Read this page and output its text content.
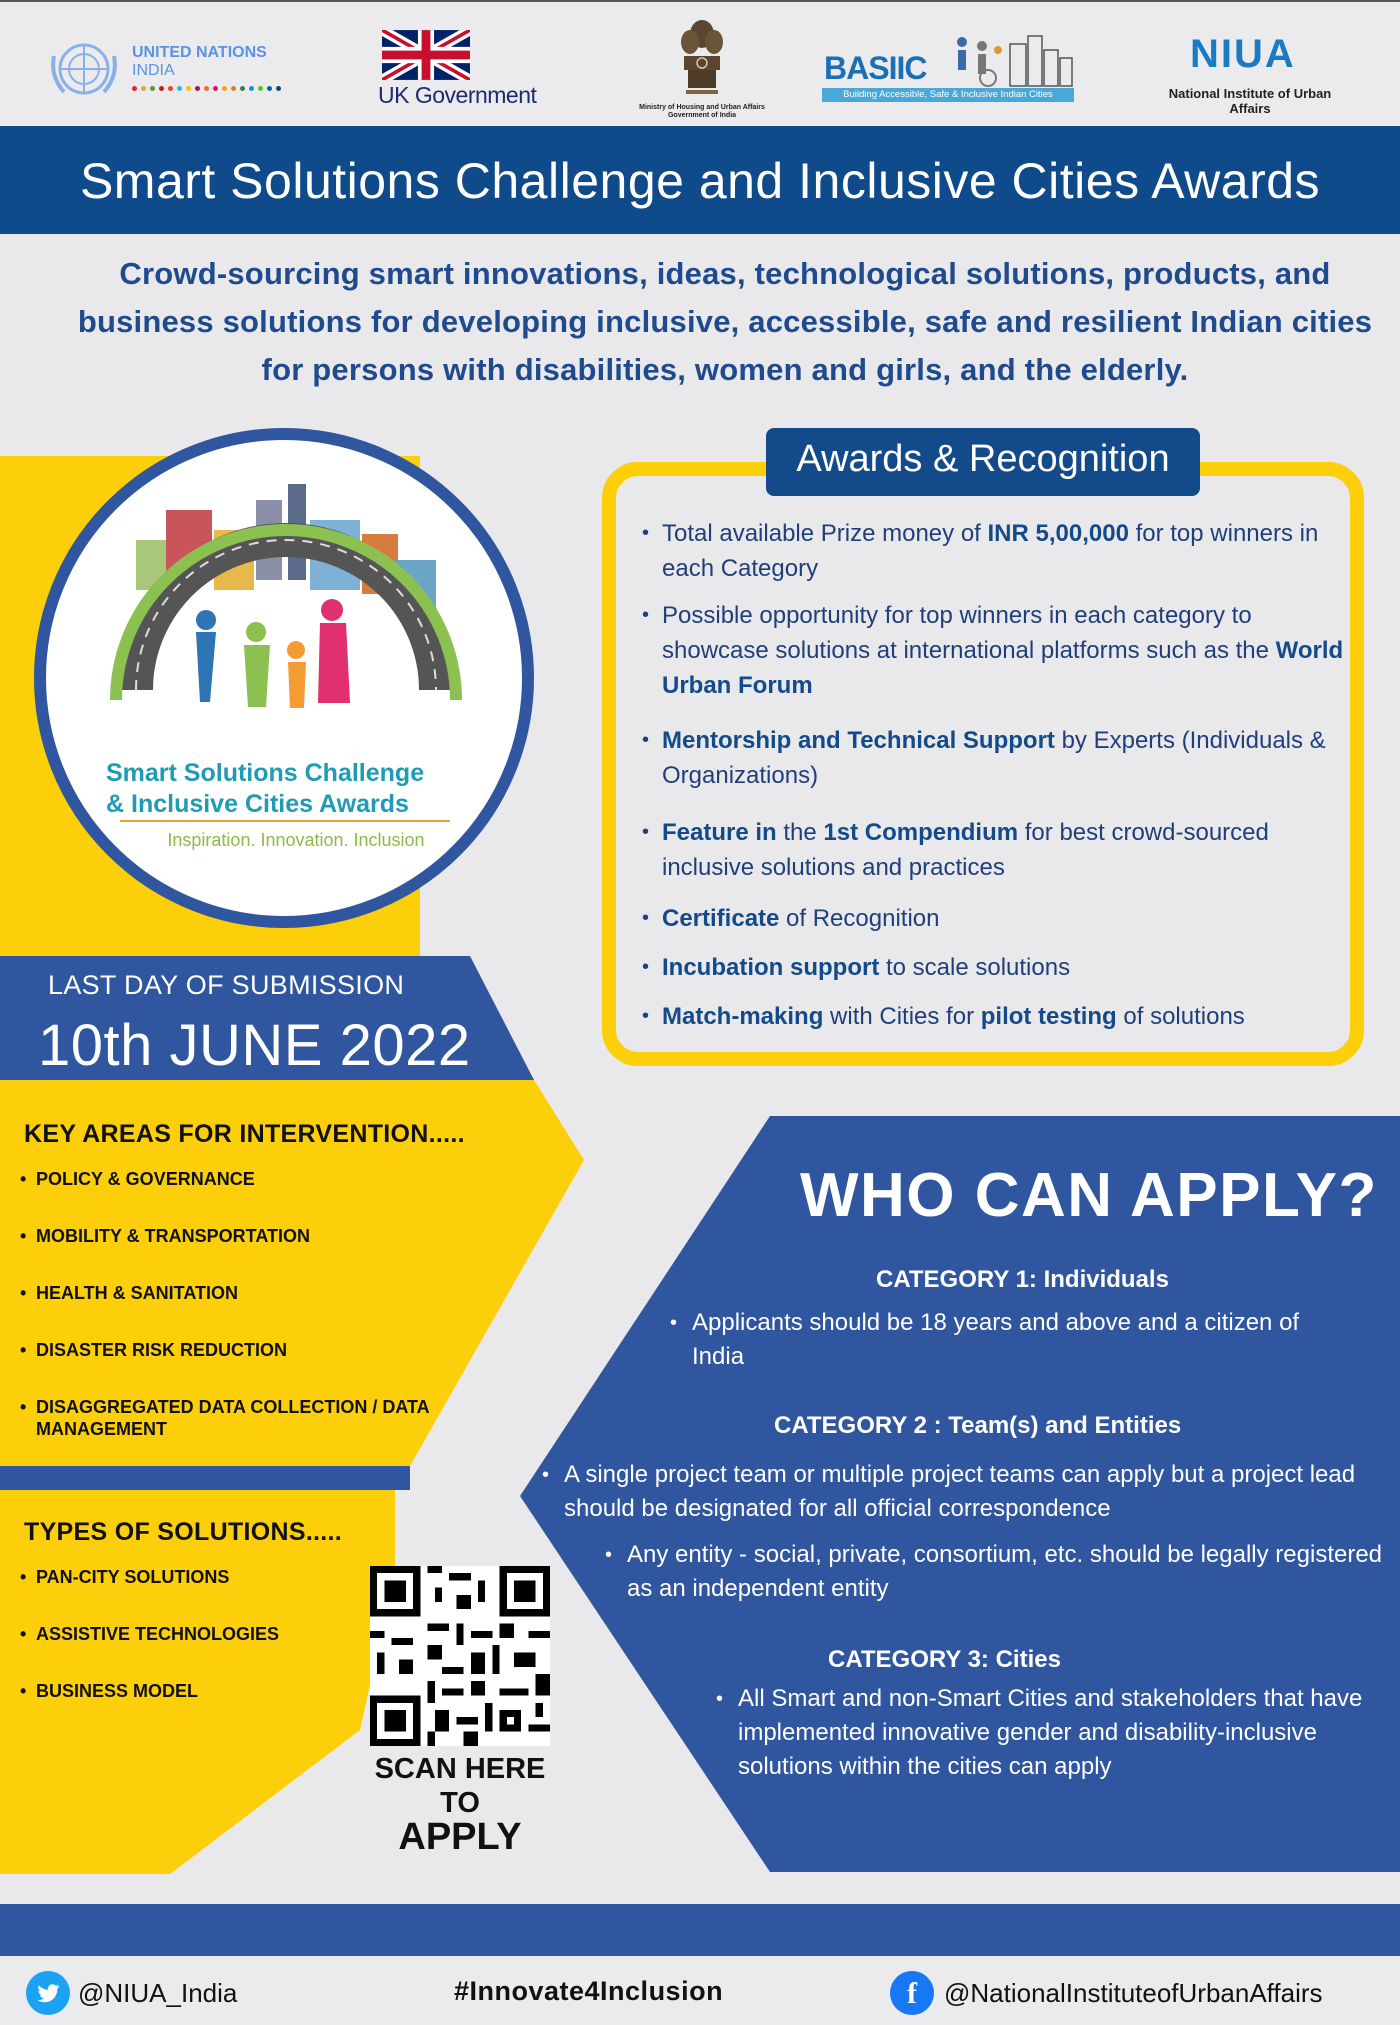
UNITED NATIONS
INDIA
UK Government	Ministry of Housing and Urban Affairs Government of India
BASIIC
Building Accessible, Safe & Inclusive Indian Cities
NIUA
National Institute of Urban Affairs
Smart Solutions Challenge and Inclusive Cities Awards
Crowd-sourcing smart innovations, ideas, technological solutions, products, and business solutions for developing inclusive, accessible, safe and resilient Indian cities for persons with disabilities, women and girls, and the elderly.
Smart Solutions Challenge
& Inclusive Cities Awards
Inspiration. Innovation. Inclusion
LAST DAY OF SUBMISSION
10th JUNE 2022
KEY AREAS FOR INTERVENTION.....
• POLICY & GOVERNANCE
• MOBILITY & TRANSPORTATION
• HEALTH & SANITATION
• DISASTER RISK REDUCTION
• DISAGGREGATED DATA COLLECTION / DATA MANAGEMENT
TYPES OF SOLUTIONS.....
• PAN-CITY SOLUTIONS
• ASSISTIVE TECHNOLOGIES
• BUSINESS MODEL
Awards & Recognition
• Total available Prize money of INR 5,00,000 for top winners in each Category
• Possible opportunity for top winners in each category to showcase solutions at international platforms such as the World Urban Forum
• Mentorship and Technical Support by Experts (Individuals & Organizations)
• Feature in the 1st Compendium for best crowd-sourced inclusive solutions and practices
• Certificate of Recognition
• Incubation support to scale solutions
• Match-making with Cities for pilot testing of solutions
WHO CAN APPLY?
CATEGORY 1: Individuals
• Applicants should be 18 years and above and a citizen of India
CATEGORY 2 : Team(s) and Entities
• A single project team or multiple project teams can apply but a project lead should be designated for all official correspondence
• Any entity - social, private, consortium, etc. should be legally registered as an independent entity
CATEGORY 3: Cities
• All Smart and non-Smart Cities and stakeholders that have implemented innovative gender and disability-inclusive solutions within the cities can apply
SCAN HERE
TO
APPLY
@NIUA_India	#Innovate4Inclusion	f	@NationalInstituteofUrbanAffairs
